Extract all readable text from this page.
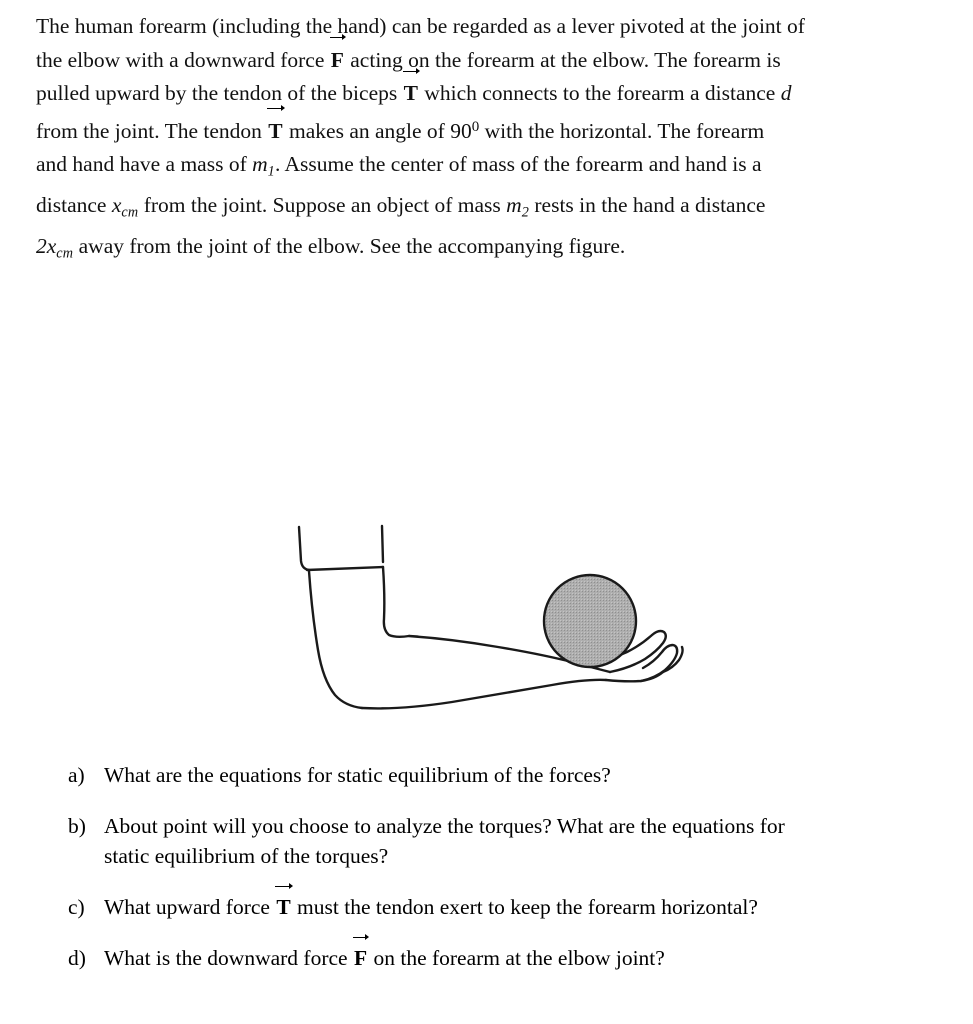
The human forearm (including the hand) can be regarded as a lever pivoted at the joint of
the elbow with a downward force F acting on the forearm at the elbow. The forearm is
pulled upward by the tendon of the biceps T which connects to the forearm a distance d
from the joint. The tendon T makes an angle of $90^0$ with the horizontal. The forearm
and hand have a mass of $m_1$. Assume the center of mass of the forearm and hand is a
distance $x_{cm}$ from the joint. Suppose an object of mass $m_2$ rests in the hand a distance
$2x_{cm}$ away from the joint of the elbow. See the accompanying figure.
a) What are the equations for static equilibrium of the forces?
b) About point will you choose to analyze the torques? What are the equations for
static equilibrium of the torques?
c) What upward force T must the tendon exert to keep the forearm horizontal?
d) What is the downward force F on the forearm at the elbow joint?
